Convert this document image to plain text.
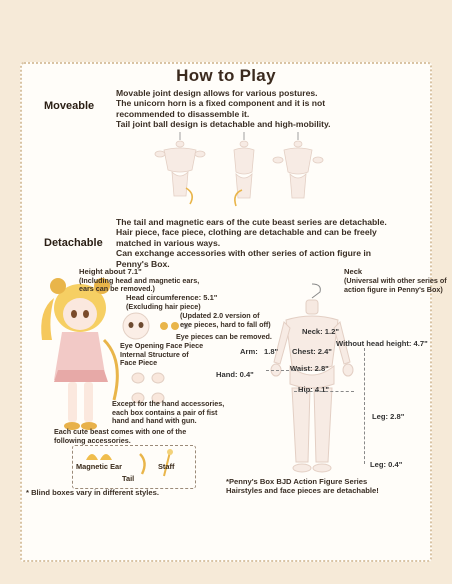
How to Play
Moveable
Movable joint design allows for various postures.
The unicorn horn is a fixed component and it is not
recommended to disassemble it.
Tail joint ball design is detachable and high-mobility.
Detachable
The tail and magnetic ears of the cute beast series are detachable.
Hair piece, face piece, clothing are detachable and can be freely
matched in various ways.
Can exchange accessories with other series of action figure in
Penny's Box.
Height about 7.1"
(Including head and magnetic ears,
ears can be removed.)
Head circumference: 5.1"
(Excluding hair piece)
(Updated 2.0 version of
eye pieces, hard to fall off)
Eye pieces can be removed.
Eye Opening Face Piece
Internal Structure of
Face Piece
Except for the hand accessories,
each box contains a pair of fist
hand and hand with gun.
Each cute beast comes with one of the
following accessories.
Magnetic Ear
Tail
Staff
* Blind boxes vary in different styles.
Neck
(Universal with other series of
action figure in Penny's Box)
Neck: 1.2"
Without head height: 4.7"
Arm: 1.8" Chest: 2.4"
Waist: 2.8"
Hand: 0.4"
Hip: 4.1"
Leg: 2.8"
Leg: 0.4"
*Penny's Box BJD Action Figure Series
Hairstyles and face pieces are detachable!
